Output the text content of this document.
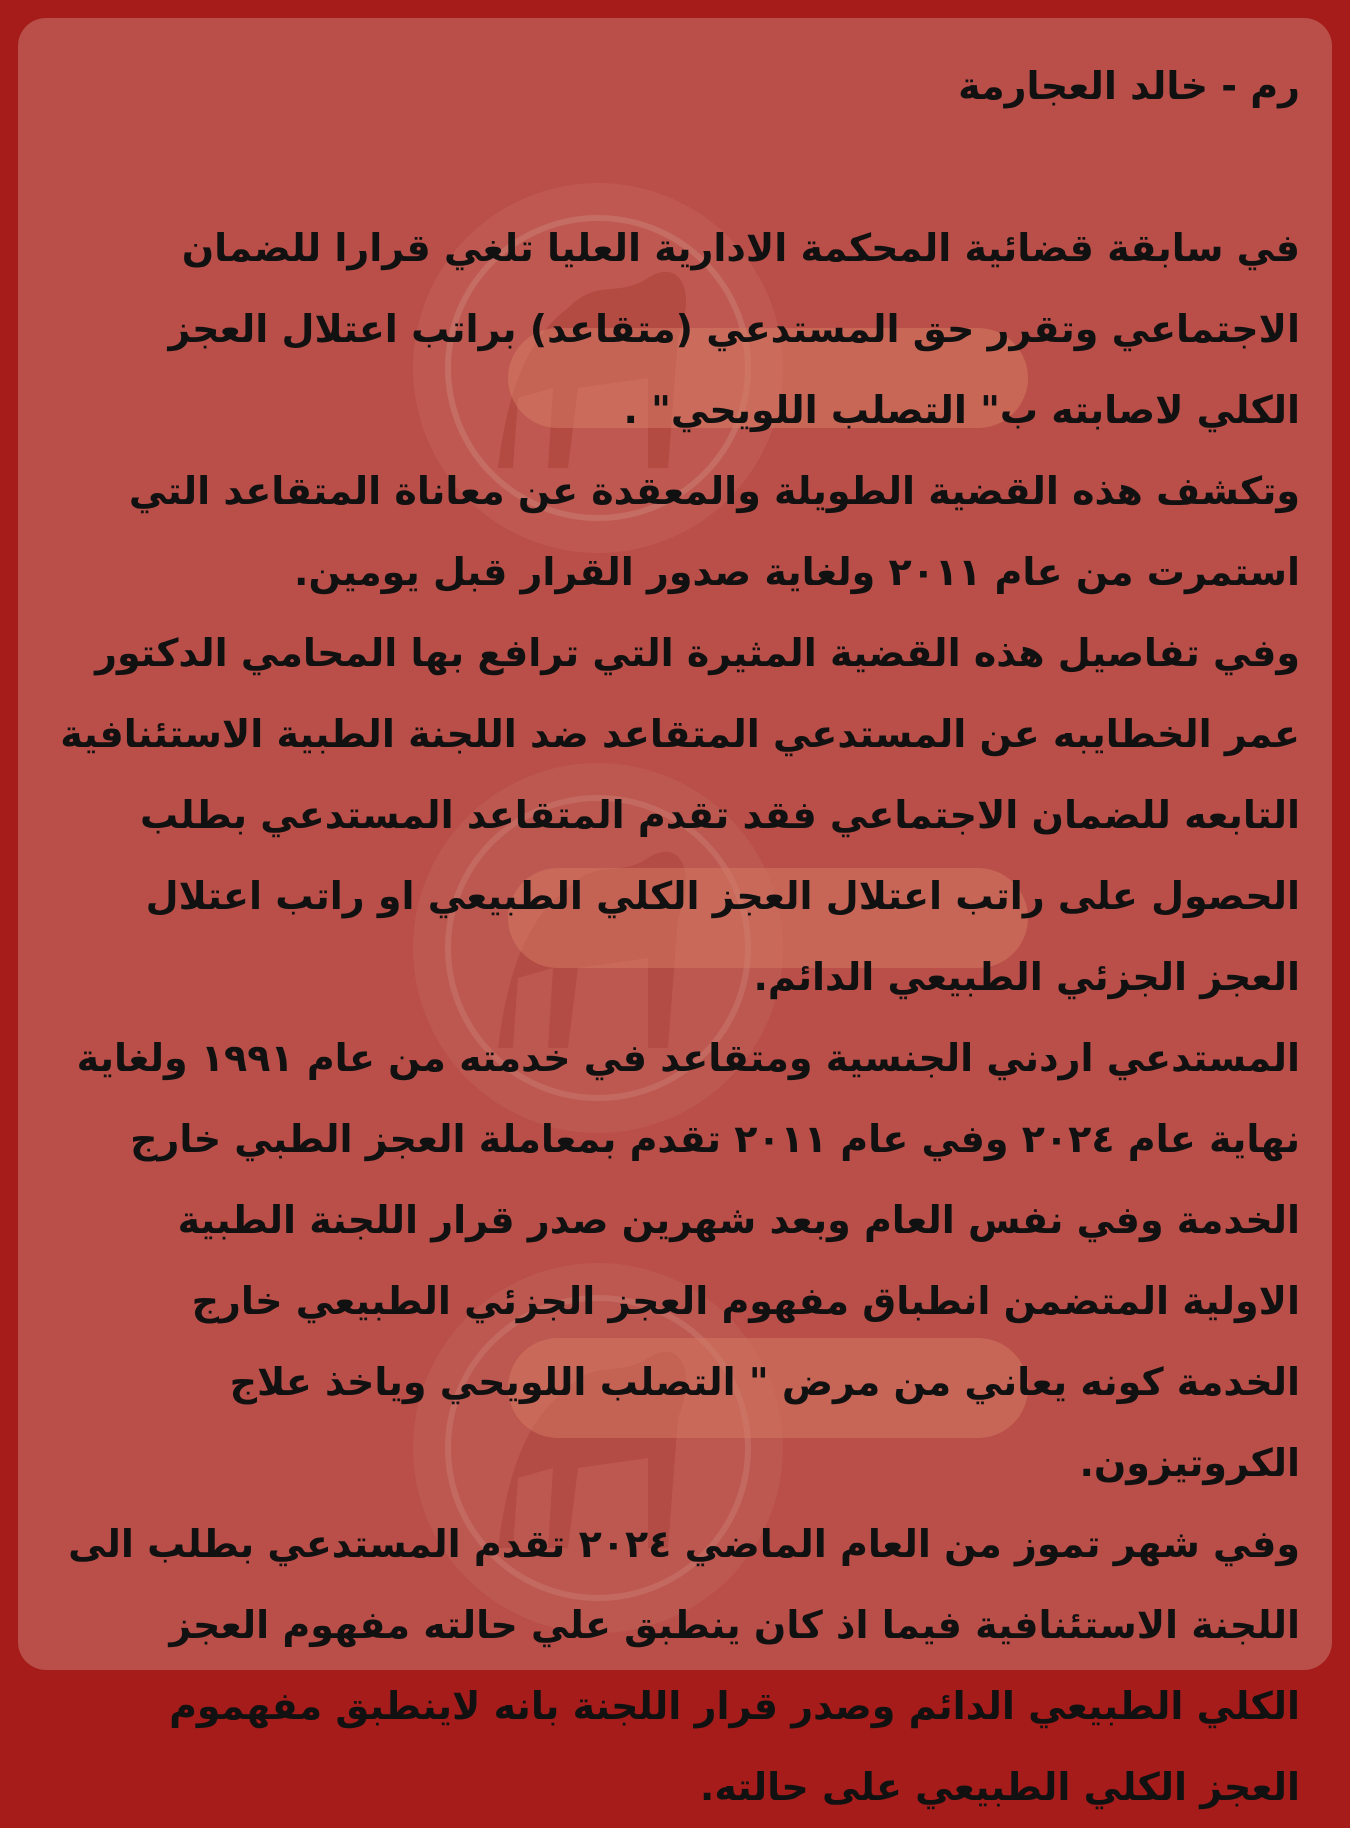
رم - خالد العجارمة

في سابقة قضائية المحكمة الادارية العليا تلغي قرارا للضمان الاجتماعي وتقرر حق المستدعي (متقاعد) براتب اعتلال العجز الكلي لاصابته ب" التصلب اللويحي" .

وتكشف هذه القضية الطويلة والمعقدة عن معاناة المتقاعد التي استمرت من عام ٢٠١١ ولغاية صدور القرار قبل يومين.

وفي تفاصيل هذه القضية المثيرة التي ترافع بها المحامي الدكتور عمر الخطايبه عن المستدعي المتقاعد ضد اللجنة الطبية الاستئنافية التابعه للضمان الاجتماعي فقد تقدم المتقاعد المستدعي بطلب الحصول على راتب اعتلال العجز الكلي الطبيعي او راتب اعتلال العجز الجزئي الطبيعي الدائم.

المستدعي اردني الجنسية ومتقاعد في خدمته من عام ١٩٩١ ولغاية نهاية عام ٢٠٢٤ وفي عام ٢٠١١ تقدم بمعاملة العجز الطبي خارج الخدمة وفي نفس العام وبعد شهرين صدر قرار اللجنة الطبية الاولية المتضمن انطباق مفهوم العجز الجزئي الطبيعي خارج الخدمة كونه يعاني من مرض " التصلب اللويحي وياخذ علاج الكروتيزون.

وفي شهر تموز من العام الماضي ٢٠٢٤ تقدم المستدعي بطلب الى اللجنة الاستئنافية فيما اذ كان ينطبق علي حالته مفهوم العجز الكلي الطبيعي الدائم وصدر قرار اللجنة بانه لاينطبق مفهموم العجز الكلي الطبيعي على حالته.
